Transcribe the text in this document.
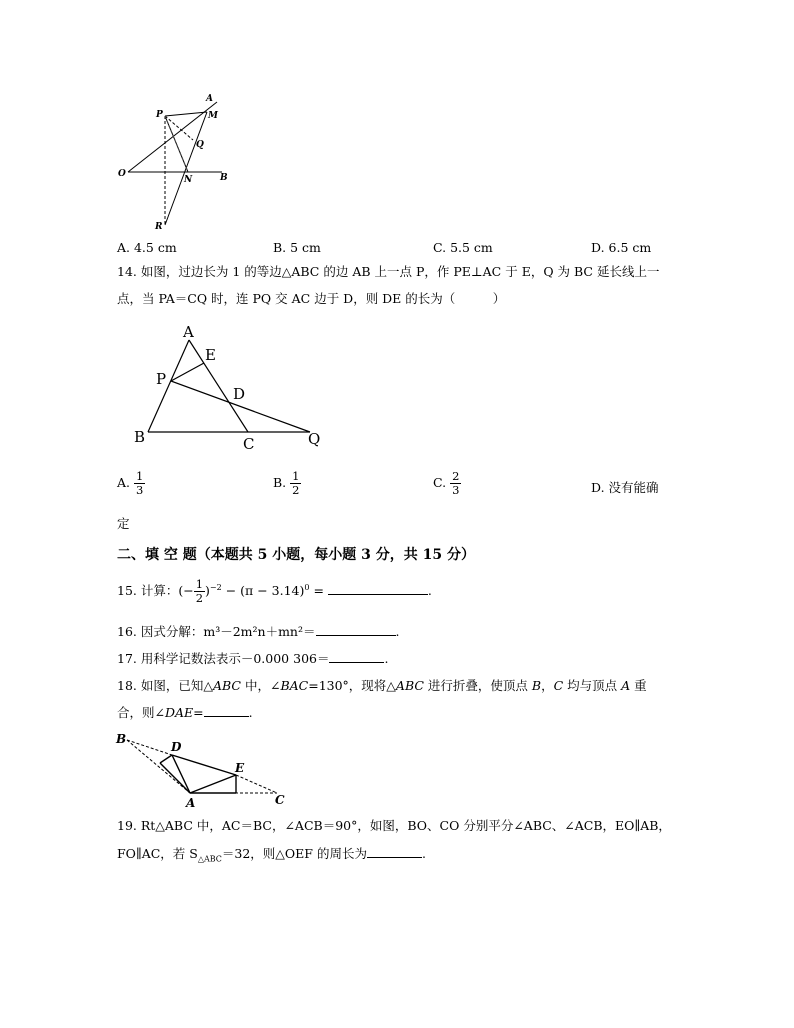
A
M
P
Q
O
N	B
R
A. 4.5 cm	B. 5 cm	C. 5.5 cm	D. 6.5 cm
14. 如图，过边长为 1 的等边△ABC 的边 AB 上一点 P，作 PE⊥AC 于 E，Q 为 BC 延长线上一
点，当 PA＝CQ 时，连 PQ 交 AC 边于 D，则 DE 的长为（　　　）
A
E
P
D
B	C	Q
A. $\frac{1}{3}$	B. $\frac{1}{2}$	C. $\frac{2}{3}$	D. 没有能确
定
二、填 空 题（本题共 5 小题，每小题 3 分，共 15 分）
15. 计算：(− $\frac{1}{2} )^{-2} - (\pi - 3.14)^0$ =	.
16. 因式分解：m³－2m²n＋mn²＝	.
17. 用科学记数法表示－0.000 306＝	.
18. 如图，已知△ABC 中，∠BAC=130°，现将△ABC 进行折叠，使顶点 B，C 均与顶点 A 重
合，则∠DAE=	.
B
D
E
A	C
19. Rt△ABC 中，AC＝BC，∠ACB＝90°，如图，BO、CO 分别平分∠ABC、∠ACB，EO∥AB，
FO∥AC，若 $S_{\triangle ABC}=32$，则△OEF 的周长为	.
